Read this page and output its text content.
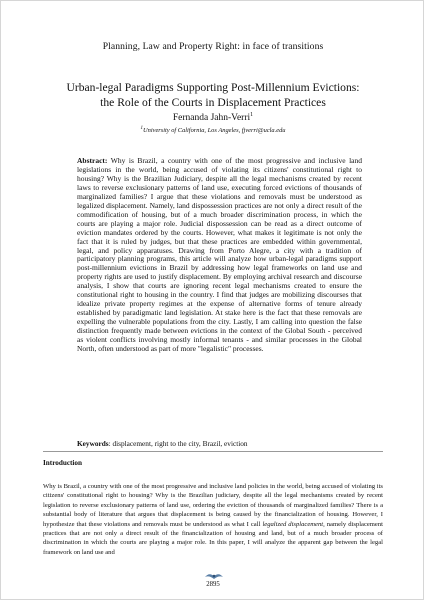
Planning, Law and Property Right: in face of transitions
Urban-legal Paradigms Supporting Post-Millennium Evictions:
the Role of the Courts in Displacement Practices
Fernanda Jahn-Verri$^1$
$^1$University of California, Los Angeles, fjverri@ucla.edu

Abstract: Why is Brazil, a country with one of the most progressive and inclusive land legislations in the world, being accused of violating its citizens' constitutional right to housing? Why is the Brazilian Judiciary, despite all the legal mechanisms created by recent laws to reverse exclusionary patterns of land use, executing forced evictions of thousands of marginalized families? I argue that these violations and removals must be understood as legalized displacement. Namely, land dispossession practices are not only a direct result of the commodification of housing, but of a much broader discrimination process, in which the courts are playing a major role. Judicial dispossession can be read as a direct outcome of eviction mandates ordered by the courts. However, what makes it legitimate is not only the fact that it is ruled by judges, but that these practices are embedded within governmental, legal, and policy apparatuses. Drawing from Porto Alegre, a city with a tradition of participatory planning programs, this article will analyze how urban-legal paradigms support post-millennium evictions in Brazil by addressing how legal frameworks on land use and property rights are used to justify displacement. By employing archival research and discourse analysis, I show that courts are ignoring recent legal mechanisms created to ensure the constitutional right to housing in the country. I find that judges are mobilizing discourses that idealize private property regimes at the expense of alternative forms of tenure already established by paradigmatic land legislation. At stake here is the fact that these removals are expelling the vulnerable populations from the city. Lastly, I am calling into question the false distinction frequently made between evictions in the context of the Global South - perceived as violent conflicts involving mostly informal tenants - and similar processes in the Global North, often understood as part of more "legalistic" processes.

Keywords: displacement, right to the city, Brazil, eviction

Introduction

Why is Brazil, a country with one of the most progressive and inclusive land policies in the world, being accused of violating its citizens' constitutional right to housing? Why is the Brazilian judiciary, despite all the legal mechanisms created by recent legislation to reverse exclusionary patterns of land use, ordering the eviction of thousands of marginalized families? There is a substantial body of literature that argues that displacement is being caused by the financialization of housing. However, I hypothesize that these violations and removals must be understood as what I call legalized displacement, namely displacement practices that are not only a direct result of the financialization of housing and land, but of a much broader process of discrimination in which the courts are playing a major role. In this paper, I will analyze the apparent gap between the legal framework on land use and

2895
